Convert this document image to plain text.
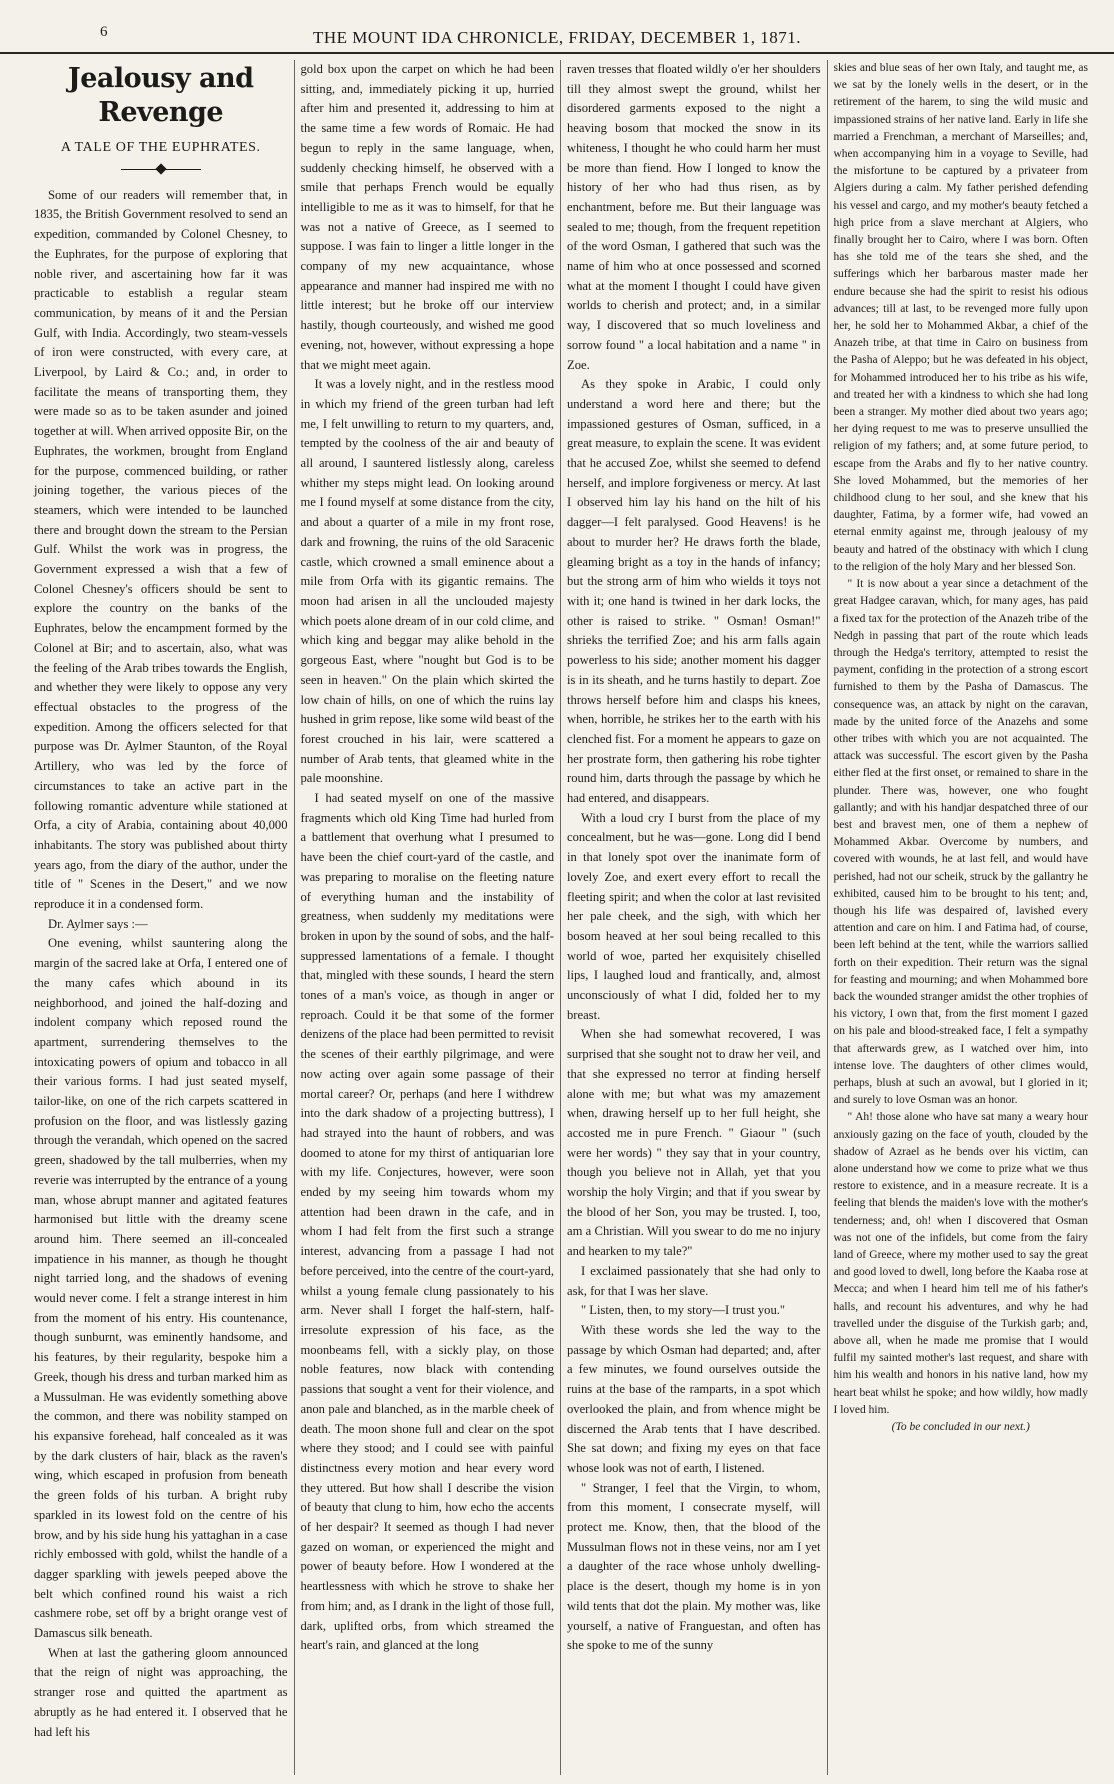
6	THE MOUNT IDA CHRONICLE, FRIDAY, DECEMBER 1, 1871.
Jealousy and Revenge
A TALE OF THE EUPHRATES.

Some of our readers will remember that, in 1835, the British Government resolved to send an expedition, commanded by Colonel Chesney, to the Euphrates, for the purpose of exploring that noble river, and ascertaining how far it was practicable to establish a regular steam communication, by means of it and the Persian Gulf, with India. Accordingly, two steam-vessels of iron were constructed, with every care, at Liverpool, by Laird & Co.; and, in order to facilitate the means of transporting them, they were made so as to be taken asunder and joined together at will. When arrived opposite Bir, on the Euphrates, the workmen, brought from England for the purpose, commenced building, or rather joining together, the various pieces of the steamers, which were intended to be launched there and brought down the stream to the Persian Gulf. Whilst the work was in progress, the Government expressed a wish that a few of Colonel Chesney's officers should be sent to explore the country on the banks of the Euphrates, below the encampment formed by the Colonel at Bir; and to ascertain, also, what was the feeling of the Arab tribes towards the English, and whether they were likely to oppose any very effectual obstacles to the progress of the expedition. Among the officers selected for that purpose was Dr. Aylmer Staunton, of the Royal Artillery, who was led by the force of circumstances to take an active part in the following romantic adventure while stationed at Orfa, a city of Arabia, containing about 40,000 inhabitants. The story was published about thirty years ago, from the diary of the author, under the title of " Scenes in the Desert," and we now reproduce it in a condensed form.

Dr. Aylmer says :—

One evening, whilst sauntering along the margin of the sacred lake at Orfa, I entered one of the many cafes which abound in its neighborhood, and joined the half-dozing and indolent company which reposed round the apartment, surrendering themselves to the intoxicating powers of opium and tobacco in all their various forms. I had just seated myself, tailor-like, on one of the rich carpets scattered in profusion on the floor, and was listlessly gazing through the verandah, which opened on the sacred green, shadowed by the tall mulberries, when my reverie was interrupted by the entrance of a young man, whose abrupt manner and agitated features harmonised but little with the dreamy scene around him. There seemed an ill-concealed impatience in his manner, as though he thought night tarried long, and the shadows of evening would never come. I felt a strange interest in him from the moment of his entry. His countenance, though sunburnt, was eminently handsome, and his features, by their regularity, bespoke him a Greek, though his dress and turban marked him as a Mussulman. He was evidently something above the common, and there was nobility stamped on his expansive forehead, half concealed as it was by the dark clusters of hair, black as the raven's wing, which escaped in profusion from beneath the green folds of his turban. A bright ruby sparkled in its lowest fold on the centre of his brow, and by his side hung his yattaghan in a case richly embossed with gold, whilst the handle of a dagger sparkling with jewels peeped above the belt which confined round his waist a rich cashmere robe, set off by a bright orange vest of Damascus silk beneath.

When at last the gathering gloom announced that the reign of night was approaching, the stranger rose and quitted the apartment as abruptly as he had entered it. I observed that he had left his

gold box upon the carpet on which he had been sitting, and, immediately picking it up, hurried after him and presented it, addressing to him at the same time a few words of Romaic. He had begun to reply in the same language, when, suddenly checking himself, he observed with a smile that perhaps French would be equally intelligible to me as it was to himself, for that he was not a native of Greece, as I seemed to suppose. I was fain to linger a little longer in the company of my new acquaintance, whose appearance and manner had inspired me with no little interest; but he broke off our interview hastily, though courteously, and wished me good evening, not, however, without expressing a hope that we might meet again.

It was a lovely night, and in the restless mood in which my friend of the green turban had left me, I felt unwilling to return to my quarters, and, tempted by the coolness of the air and beauty of all around, I sauntered listlessly along, careless whither my steps might lead. On looking around me I found myself at some distance from the city, and about a quarter of a mile in my front rose, dark and frowning, the ruins of the old Saracenic castle, which crowned a small eminence about a mile from Orfa with its gigantic remains. The moon had arisen in all the unclouded majesty which poets alone dream of in our cold clime, and which king and beggar may alike behold in the gorgeous East, where "nought but God is to be seen in heaven." On the plain which skirted the low chain of hills, on one of which the ruins lay hushed in grim repose, like some wild beast of the forest crouched in his lair, were scattered a number of Arab tents, that gleamed white in the pale moonshine.

I had seated myself on one of the massive fragments which old King Time had hurled from a battlement that overhung what I presumed to have been the chief court-yard of the castle, and was preparing to moralise on the fleeting nature of everything human and the instability of greatness, when suddenly my meditations were broken in upon by the sound of sobs, and the half-suppressed lamentations of a female. I thought that, mingled with these sounds, I heard the stern tones of a man's voice, as though in anger or reproach. Could it be that some of the former denizens of the place had been permitted to revisit the scenes of their earthly pilgrimage, and were now acting over again some passage of their mortal career? Or, perhaps (and here I withdrew into the dark shadow of a projecting buttress), I had strayed into the haunt of robbers, and was doomed to atone for my thirst of antiquarian lore with my life. Conjectures, however, were soon ended by my seeing him towards whom my attention had been drawn in the cafe, and in whom I had felt from the first such a strange interest, advancing from a passage I had not before perceived, into the centre of the court-yard, whilst a young female clung passionately to his arm. Never shall I forget the half-stern, half-irresolute expression of his face, as the moonbeams fell, with a sickly play, on those noble features, now black with contending passions that sought a vent for their violence, and anon pale and blanched, as in the marble cheek of death. The moon shone full and clear on the spot where they stood; and I could see with painful distinctness every motion and hear every word they uttered. But how shall I describe the vision of beauty that clung to him, how echo the accents of her despair? It seemed as though I had never gazed on woman, or experienced the might and power of beauty before. How I wondered at the heartlessness with which he strove to shake her from him; and, as I drank in the light of those full, dark, uplifted orbs, from which streamed the heart's rain, and glanced at the long

raven tresses that floated wildly o'er her shoulders till they almost swept the ground, whilst her disordered garments exposed to the night a heaving bosom that mocked the snow in its whiteness, I thought he who could harm her must be more than fiend. How I longed to know the history of her who had thus risen, as by enchantment, before me. But their language was sealed to me; though, from the frequent repetition of the word Osman, I gathered that such was the name of him who at once possessed and scorned what at the moment I thought I could have given worlds to cherish and protect; and, in a similar way, I discovered that so much loveliness and sorrow found " a local habitation and a name " in Zoe.

As they spoke in Arabic, I could only understand a word here and there; but the impassioned gestures of Osman, sufficed, in a great measure, to explain the scene. It was evident that he accused Zoe, whilst she seemed to defend herself, and implore forgiveness or mercy. At last I observed him lay his hand on the hilt of his dagger—I felt paralysed. Good Heavens! is he about to murder her? He draws forth the blade, gleaming bright as a toy in the hands of infancy; but the strong arm of him who wields it toys not with it; one hand is twined in her dark locks, the other is raised to strike. " Osman! Osman!" shrieks the terrified Zoe; and his arm falls again powerless to his side; another moment his dagger is in its sheath, and he turns hastily to depart. Zoe throws herself before him and clasps his knees, when, horrible, he strikes her to the earth with his clenched fist. For a moment he appears to gaze on her prostrate form, then gathering his robe tighter round him, darts through the passage by which he had entered, and disappears.

With a loud cry I burst from the place of my concealment, but he was—gone. Long did I bend in that lonely spot over the inanimate form of lovely Zoe, and exert every effort to recall the fleeting spirit; and when the color at last revisited her pale cheek, and the sigh, with which her bosom heaved at her soul being recalled to this world of woe, parted her exquisitely chiselled lips, I laughed loud and frantically, and, almost unconsciously of what I did, folded her to my breast.

When she had somewhat recovered, I was surprised that she sought not to draw her veil, and that she expressed no terror at finding herself alone with me; but what was my amazement when, drawing herself up to her full height, she accosted me in pure French. " Giaour " (such were her words) " they say that in your country, though you believe not in Allah, yet that you worship the holy Virgin; and that if you swear by the blood of her Son, you may be trusted. I, too, am a Christian. Will you swear to do me no injury and hearken to my tale?"

I exclaimed passionately that she had only to ask, for that I was her slave.

" Listen, then, to my story—I trust you."

With these words she led the way to the passage by which Osman had departed; and, after a few minutes, we found ourselves outside the ruins at the base of the ramparts, in a spot which overlooked the plain, and from whence might be discerned the Arab tents that I have described. She sat down; and fixing my eyes on that face whose look was not of earth, I listened.

" Stranger, I feel that the Virgin, to whom, from this moment, I consecrate myself, will protect me. Know, then, that the blood of the Mussulman flows not in these veins, nor am I yet a daughter of the race whose unholy dwelling-place is the desert, though my home is in yon wild tents that dot the plain. My mother was, like yourself, a native of Franguestan, and often has she spoke to me of the sunny

skies and blue seas of her own Italy, and taught me, as we sat by the lonely wells in the desert, or in the retirement of the harem, to sing the wild music and impassioned strains of her native land. Early in life she married a Frenchman, a merchant of Marseilles; and, when accompanying him in a voyage to Seville, had the misfortune to be captured by a privateer from Algiers during a calm. My father perished defending his vessel and cargo, and my mother's beauty fetched a high price from a slave merchant at Algiers, who finally brought her to Cairo, where I was born. Often has she told me of the tears she shed, and the sufferings which her barbarous master made her endure because she had the spirit to resist his odious advances; till at last, to be revenged more fully upon her, he sold her to Mohammed Akbar, a chief of the Anazeh tribe, at that time in Cairo on business from the Pasha of Aleppo; but he was defeated in his object, for Mohammed introduced her to his tribe as his wife, and treated her with a kindness to which she had long been a stranger. My mother died about two years ago; her dying request to me was to preserve unsullied the religion of my fathers; and, at some future period, to escape from the Arabs and fly to her native country. She loved Mohammed, but the memories of her childhood clung to her soul, and she knew that his daughter, Fatima, by a former wife, had vowed an eternal enmity against me, through jealousy of my beauty and hatred of the obstinacy with which I clung to the religion of the holy Mary and her blessed Son.

" It is now about a year since a detachment of the great Hadgee caravan, which, for many ages, has paid a fixed tax for the protection of the Anazeh tribe of the Nedgh in passing that part of the route which leads through the Hedga's territory, attempted to resist the payment, confiding in the protection of a strong escort furnished to them by the Pasha of Damascus. The consequence was, an attack by night on the caravan, made by the united force of the Anazehs and some other tribes with which you are not acquainted. The attack was successful. The escort given by the Pasha either fled at the first onset, or remained to share in the plunder. There was, however, one who fought gallantly; and with his handjar despatched three of our best and bravest men, one of them a nephew of Mohammed Akbar. Overcome by numbers, and covered with wounds, he at last fell, and would have perished, had not our scheik, struck by the gallantry he exhibited, caused him to be brought to his tent; and, though his life was despaired of, lavished every attention and care on him. I and Fatima had, of course, been left behind at the tent, while the warriors sallied forth on their expedition. Their return was the signal for feasting and mourning; and when Mohammed bore back the wounded stranger amidst the other trophies of his victory, I own that, from the first moment I gazed on his pale and blood-streaked face, I felt a sympathy that afterwards grew, as I watched over him, into intense love. The daughters of other climes would, perhaps, blush at such an avowal, but I gloried in it; and surely to love Osman was an honor.

" Ah! those alone who have sat many a weary hour anxiously gazing on the face of youth, clouded by the shadow of Azrael as he bends over his victim, can alone understand how we come to prize what we thus restore to existence, and in a measure recreate. It is a feeling that blends the maiden's love with the mother's tenderness; and, oh! when I discovered that Osman was not one of the infidels, but come from the fairy land of Greece, where my mother used to say the great and good loved to dwell, long before the Kaaba rose at Mecca; and when I heard him tell me of his father's halls, and recount his adventures, and why he had travelled under the disguise of the Turkish garb; and, above all, when he made me promise that I would fulfil my sainted mother's last request, and share with him his wealth and honors in his native land, how my heart beat whilst he spoke; and how wildly, how madly I loved him.

(To be concluded in our next.)
